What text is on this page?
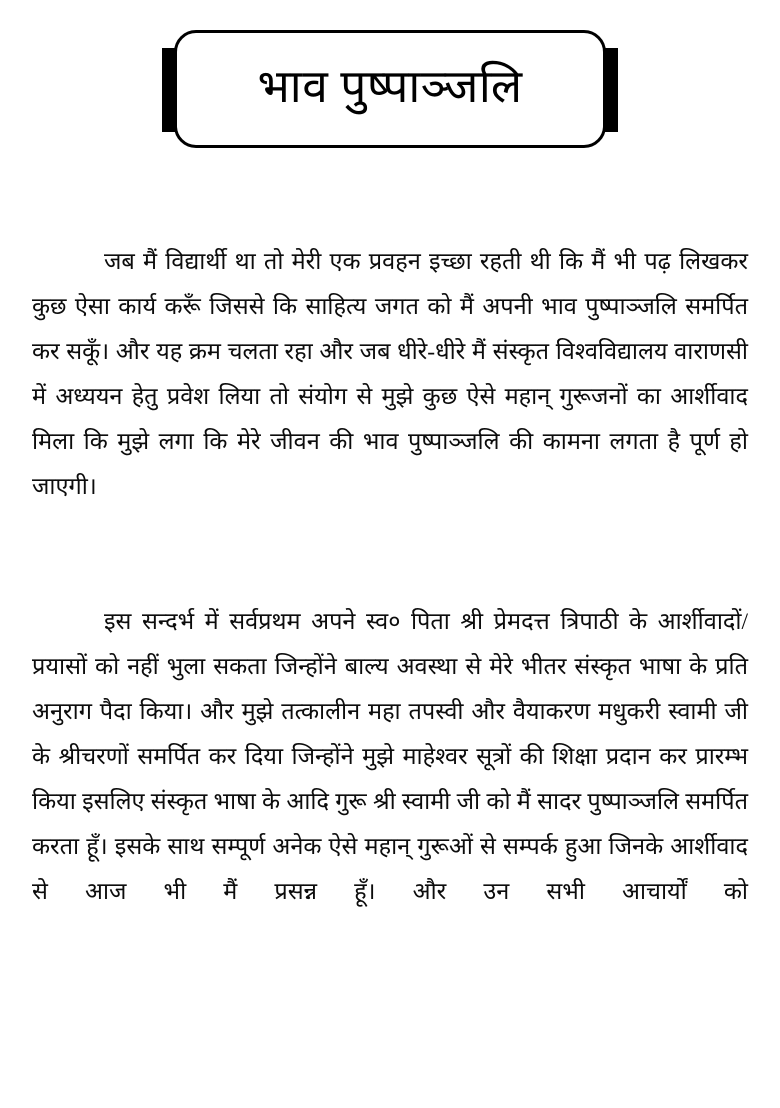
भाव पुष्पाञ्जलि

जब मैं विद्यार्थी था तो मेरी एक प्रवहन इच्छा रहती थी कि मैं भी पढ़ लिखकर कुछ ऐसा कार्य करूँ जिससे कि साहित्य जगत को मैं अपनी भाव पुष्पाञ्जलि समर्पित कर सकूँ। और यह क्रम चलता रहा और जब धीरे-धीरे मैं संस्कृत विश्वविद्यालय वाराणसी में अध्ययन हेतु प्रवेश लिया तो संयोग से मुझे कुछ ऐसे महान् गुरूजनों का आर्शीवाद मिला कि मुझे लगा कि मेरे जीवन की भाव पुष्पाञ्जलि की कामना लगता है पूर्ण हो जाएगी।

इस सन्दर्भ में सर्वप्रथम अपने स्व० पिता श्री प्रेमदत्त त्रिपाठी के आर्शीवादों/प्रयासों को नहीं भुला सकता जिन्होंने बाल्य अवस्था से मेरे भीतर संस्कृत भाषा के प्रति अनुराग पैदा किया। और मुझे तत्कालीन महा तपस्वी और वैयाकरण मधुकरी स्वामी जी के श्रीचरणों समर्पित कर दिया जिन्होंने मुझे माहेश्वर सूत्रों की शिक्षा प्रदान कर प्रारम्भ किया इसलिए संस्कृत भाषा के आदि गुरू श्री स्वामी जी को मैं सादर पुष्पाञ्जलि समर्पित करता हूँ। इसके साथ सम्पूर्ण अनेक ऐसे महान् गुरूओं से सम्पर्क हुआ जिनके आर्शीवाद से आज भी मैं प्रसन्न हूँ। और उन सभी आचार्यों को
